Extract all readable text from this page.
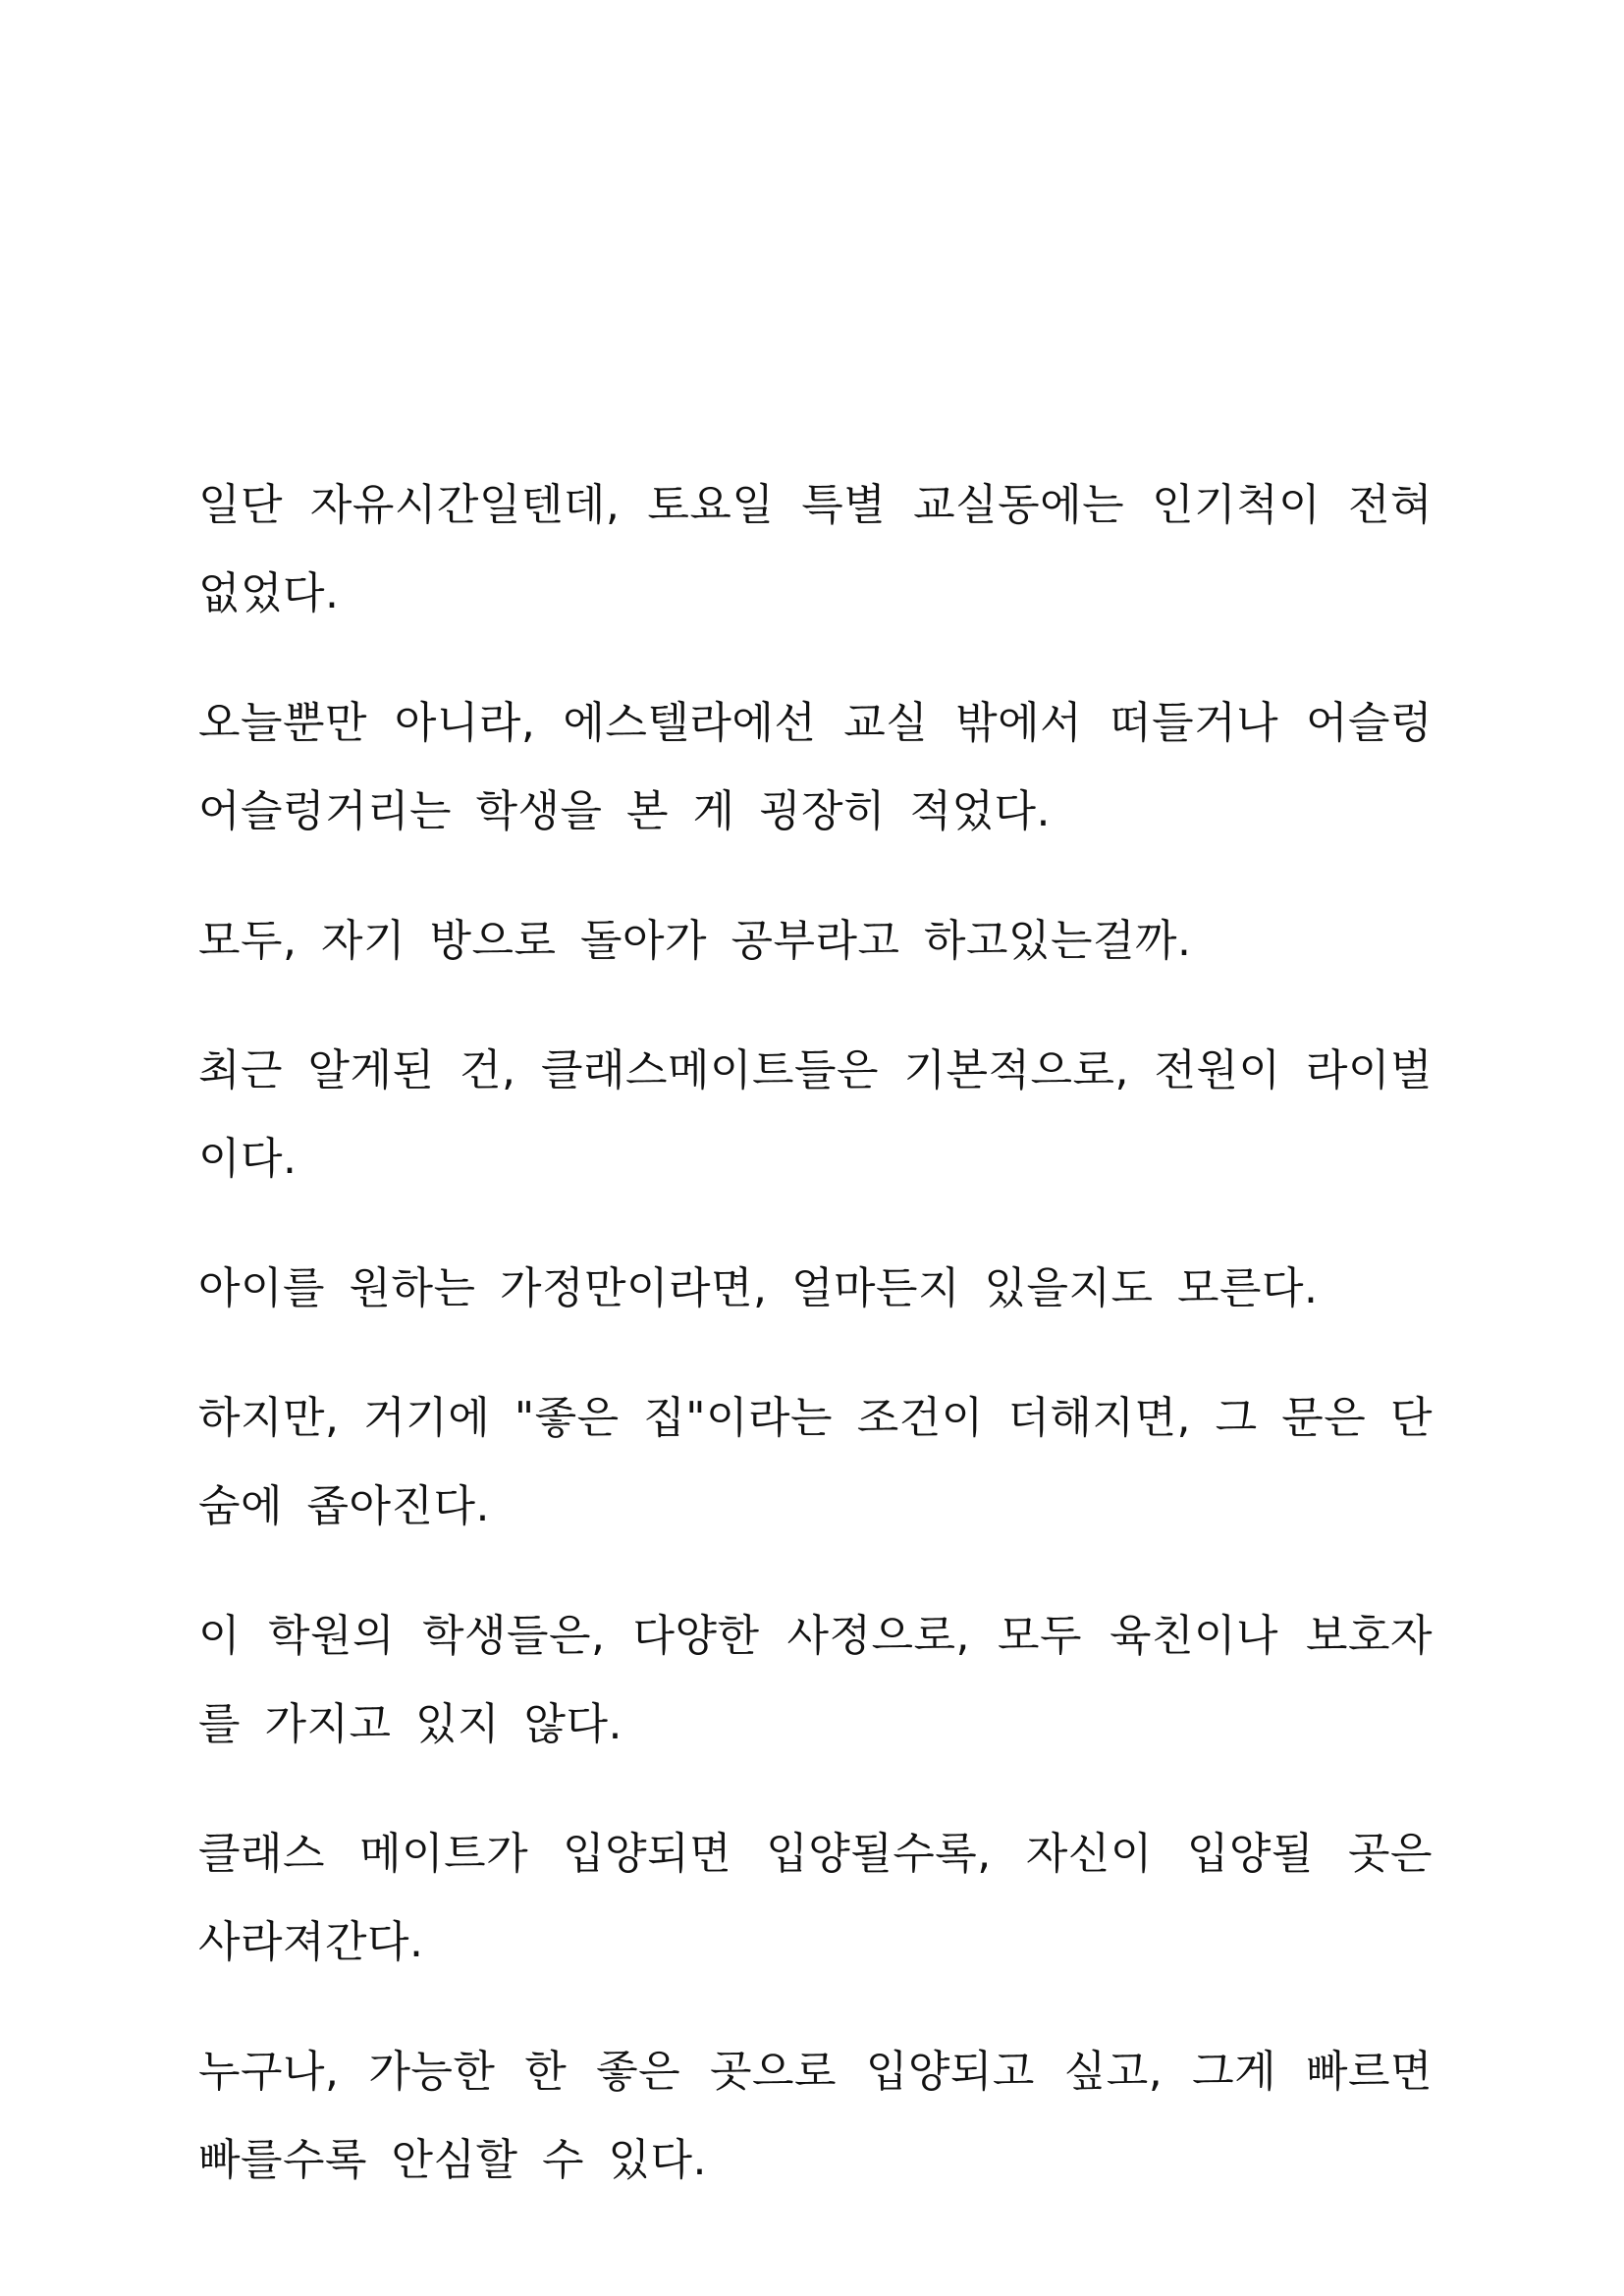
일단 자유시간일텐데, 토요일 특별 교실동에는 인기척이 전혀 없었다.

오늘뿐만 아니라, 에스텔라에선 교실 밖에서 떠들거나 어슬렁어슬렁거리는 학생을 본 게 굉장히 적었다.

모두, 자기 방으로 돌아가 공부라고 하고있는걸까.

최근 알게된 건, 클래스메이트들은 기본적으로, 전원이 라이벌이다.

아이를 원하는 가정만이라면, 얼마든지 있을지도 모른다.

하지만, 거기에 "좋은 집"이라는 조건이 더해지면, 그 문은 단숨에 좁아진다.

이 학원의 학생들은, 다양한 사정으로, 모두 육친이나 보호자를 가지고 있지 않다.

클래스 메이트가 입양되면 입양될수록, 자신이 입양될 곳은 사라져간다.

누구나, 가능한 한 좋은 곳으로 입양되고 싶고, 그게 빠르면 빠를수록 안심할 수 있다.
